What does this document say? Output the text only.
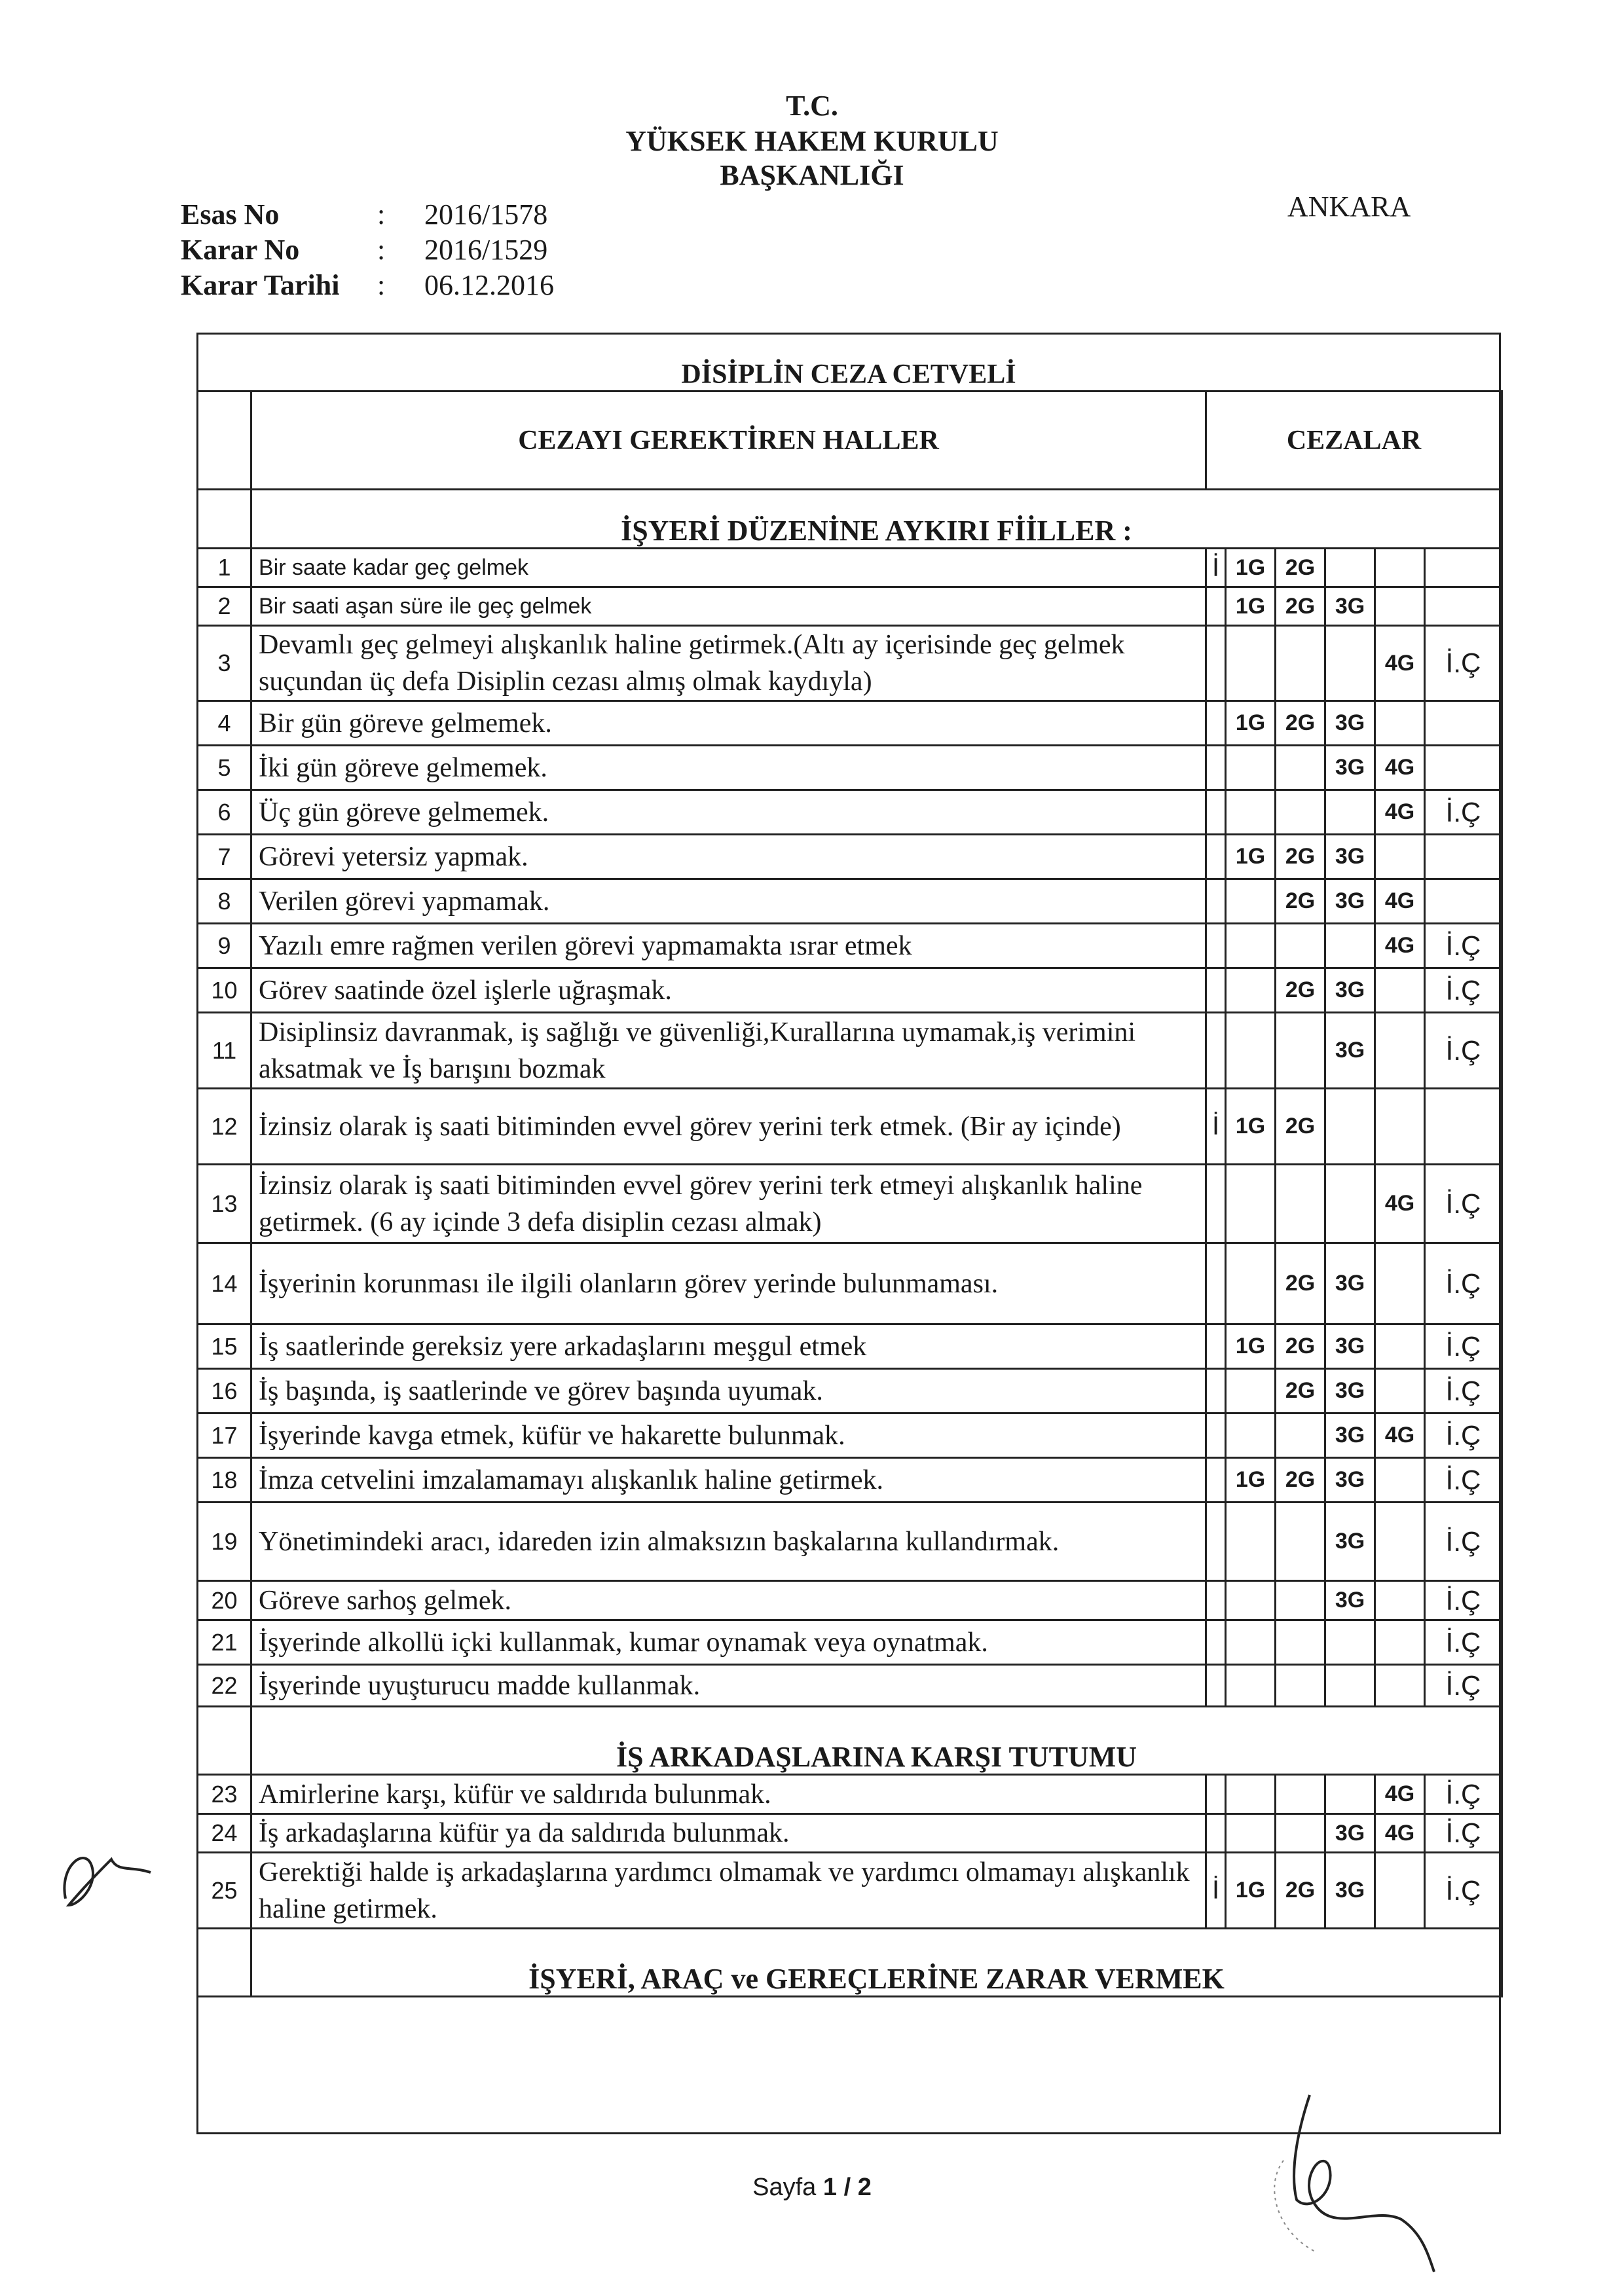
T.C.
YÜKSEK HAKEM KURULU
BAŞKANLIĞI
ANKARA
Esas No	: 2016/1578
Karar No	: 2016/1529
Karar Tarihi	: 06.12.2016
DİSİPLİN CEZA CETVELİ
	CEZAYI GEREKTİREN HALLER	CEZALAR
	İŞYERİ DÜZENİNE AYKIRI FİİLLER :						
1	Bir saate kadar geç gelmek	İ	1G	2G			
2	Bir saati aşan süre ile geç gelmek		1G	2G	3G		
3	Devamlı geç gelmeyi alışkanlık haline getirmek.(Altı ay içerisinde geç gelmek suçundan üç defa Disiplin cezası almış olmak kaydıyla)					4G	İ.Ç
4	Bir gün göreve gelmemek.		1G	2G	3G		
5	İki gün göreve gelmemek.				3G	4G	
6	Üç gün göreve gelmemek.					4G	İ.Ç
7	Görevi yetersiz yapmak.		1G	2G	3G		
8	Verilen görevi yapmamak.			2G	3G	4G	
9	Yazılı emre rağmen verilen görevi yapmamakta ısrar etmek					4G	İ.Ç
10	Görev saatinde özel işlerle uğraşmak.			2G	3G		İ.Ç
11	Disiplinsiz davranmak, iş sağlığı ve güvenliği,Kurallarına uymamak,iş verimini aksatmak ve İş barışını bozmak				3G		İ.Ç
12	İzinsiz olarak iş saati bitiminden evvel görev yerini terk etmek. (Bir ay içinde)	İ	1G	2G			
13	İzinsiz olarak iş saati bitiminden evvel görev yerini terk etmeyi alışkanlık haline getirmek. (6 ay içinde 3 defa disiplin cezası almak)					4G	İ.Ç
14	İşyerinin korunması ile ilgili olanların görev yerinde bulunmaması.			2G	3G		İ.Ç
15	İş saatlerinde gereksiz yere arkadaşlarını meşgul etmek		1G	2G	3G		İ.Ç
16	İş başında, iş saatlerinde ve görev başında uyumak.			2G	3G		İ.Ç
17	İşyerinde kavga etmek, küfür ve hakarette bulunmak.				3G	4G	İ.Ç
18	İmza cetvelini imzalamamayı alışkanlık haline getirmek.		1G	2G	3G		İ.Ç
19	Yönetimindeki aracı, idareden izin almaksızın başkalarına kullandırmak.				3G		İ.Ç
20	Göreve sarhoş gelmek.				3G		İ.Ç
21	İşyerinde alkollü içki kullanmak, kumar oynamak veya oynatmak.						İ.Ç
22	İşyerinde uyuşturucu madde kullanmak.						İ.Ç
	İŞ ARKADAŞLARINA KARŞI TUTUMU						
23	Amirlerine karşı, küfür ve saldırıda bulunmak.					4G	İ.Ç
24	İş arkadaşlarına küfür ya da saldırıda bulunmak.				3G	4G	İ.Ç
25	Gerektiği halde iş arkadaşlarına yardımcı olmamak ve yardımcı olmamayı alışkanlık haline getirmek.	İ	1G	2G	3G		İ.Ç
	İŞYERİ, ARAÇ ve GEREÇLERİNE ZARAR VERMEK						
Sayfa 1 / 2
